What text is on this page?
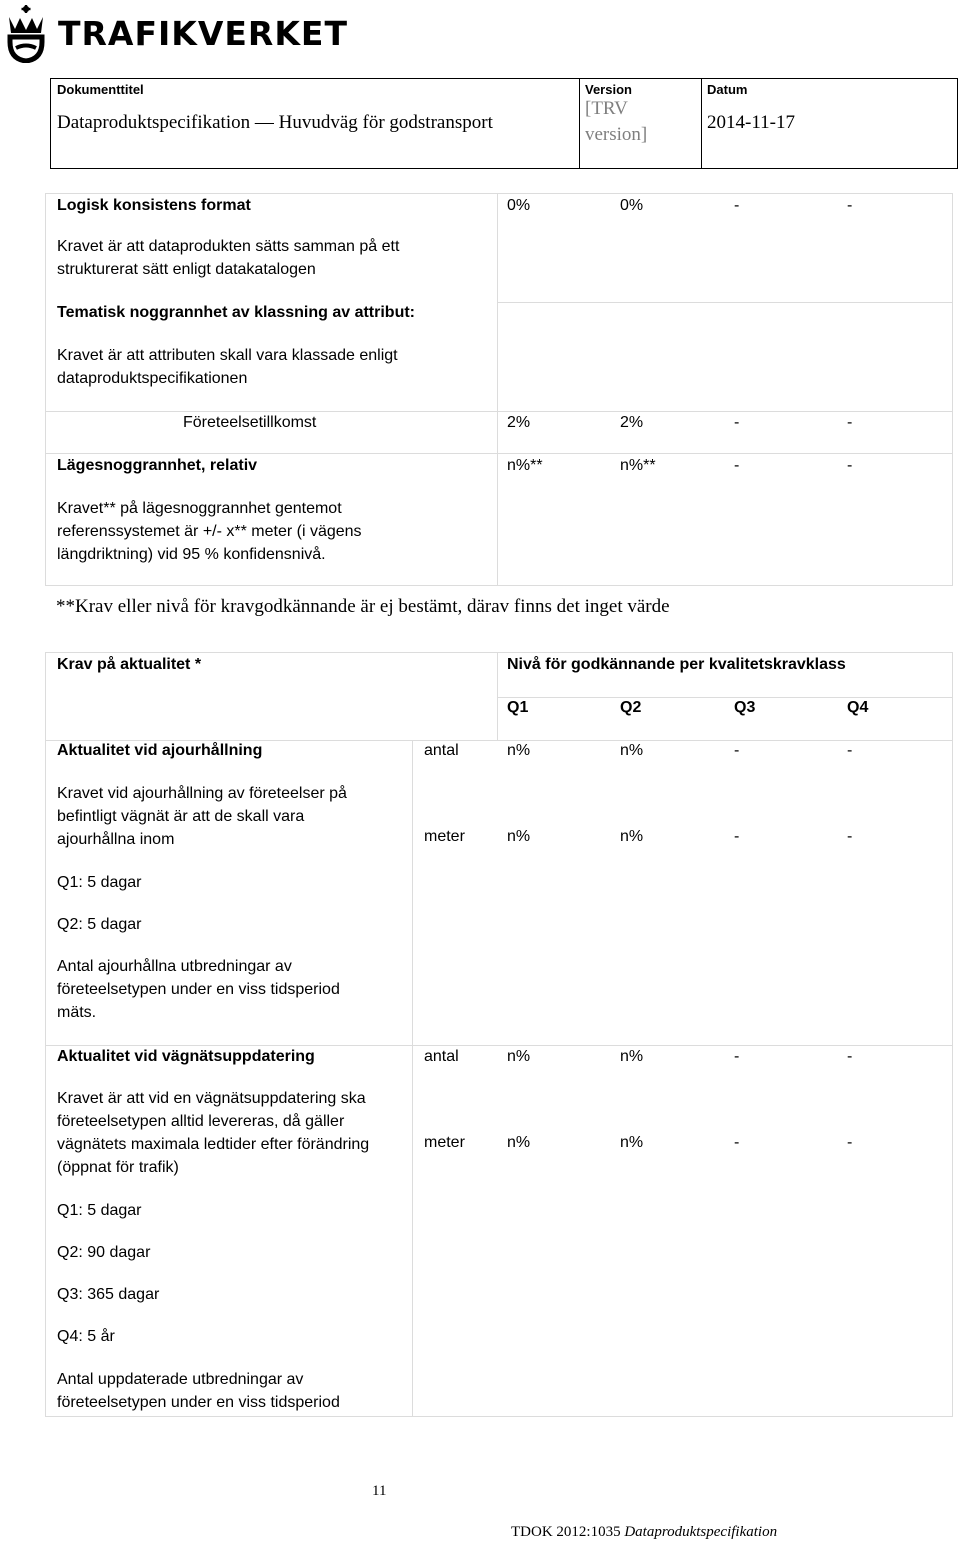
TRAFIKVERKET
Dokumenttitel
Dataproduktspecifikation — Huvudväg för godstransport
Version
[TRV
version]
Datum
2014-11-17
Logisk konsistens format	0%	0%	-	-
Kravet är att dataprodukten sätts samman på ett
strukturerat sätt enligt datakatalogen
Tematisk noggrannhet av klassning av attribut:
Kravet är att attributen skall vara klassade enligt
dataproduktspecifikationen
Företeelsetillkomst	2%	2%	-	-
Lägesnoggrannhet, relativ	n%**	n%**	-	-
Kravet** på lägesnoggrannhet gentemot
referenssystemet är +/- x** meter (i vägens
längdriktning) vid 95 % konfidensnivå.
**Krav eller nivå för kravgodkännande är ej bestämt, därav finns det inget värde
Krav på aktualitet *	Nivå för godkännande per kvalitetskravklass
Q1	Q2	Q3	Q4
Aktualitet vid ajourhållning	antal	n%	n%	-	-
Kravet vid ajourhållning av företeelser på
befintligt vägnät är att de skall vara
ajourhållna inom	meter	n%	n%	-	-
Q1: 5 dagar
Q2: 5 dagar
Antal ajourhållna utbredningar av
företeelsetypen under en viss tidsperiod
mäts.
Aktualitet vid vägnätsuppdatering	antal	n%	n%	-	-
Kravet är att vid en vägnätsuppdatering ska
företeelsetypen alltid levereras, då gäller
vägnätets maximala ledtider efter förändring
(öppnat för trafik)
meter	n%	n%	-	-
Q1: 5 dagar
Q2: 90 dagar
Q3: 365 dagar
Q4: 5 år
Antal uppdaterade utbredningar av
företeelsetypen under en viss tidsperiod
11
TDOK 2012:1035 Dataproduktspecifikation
